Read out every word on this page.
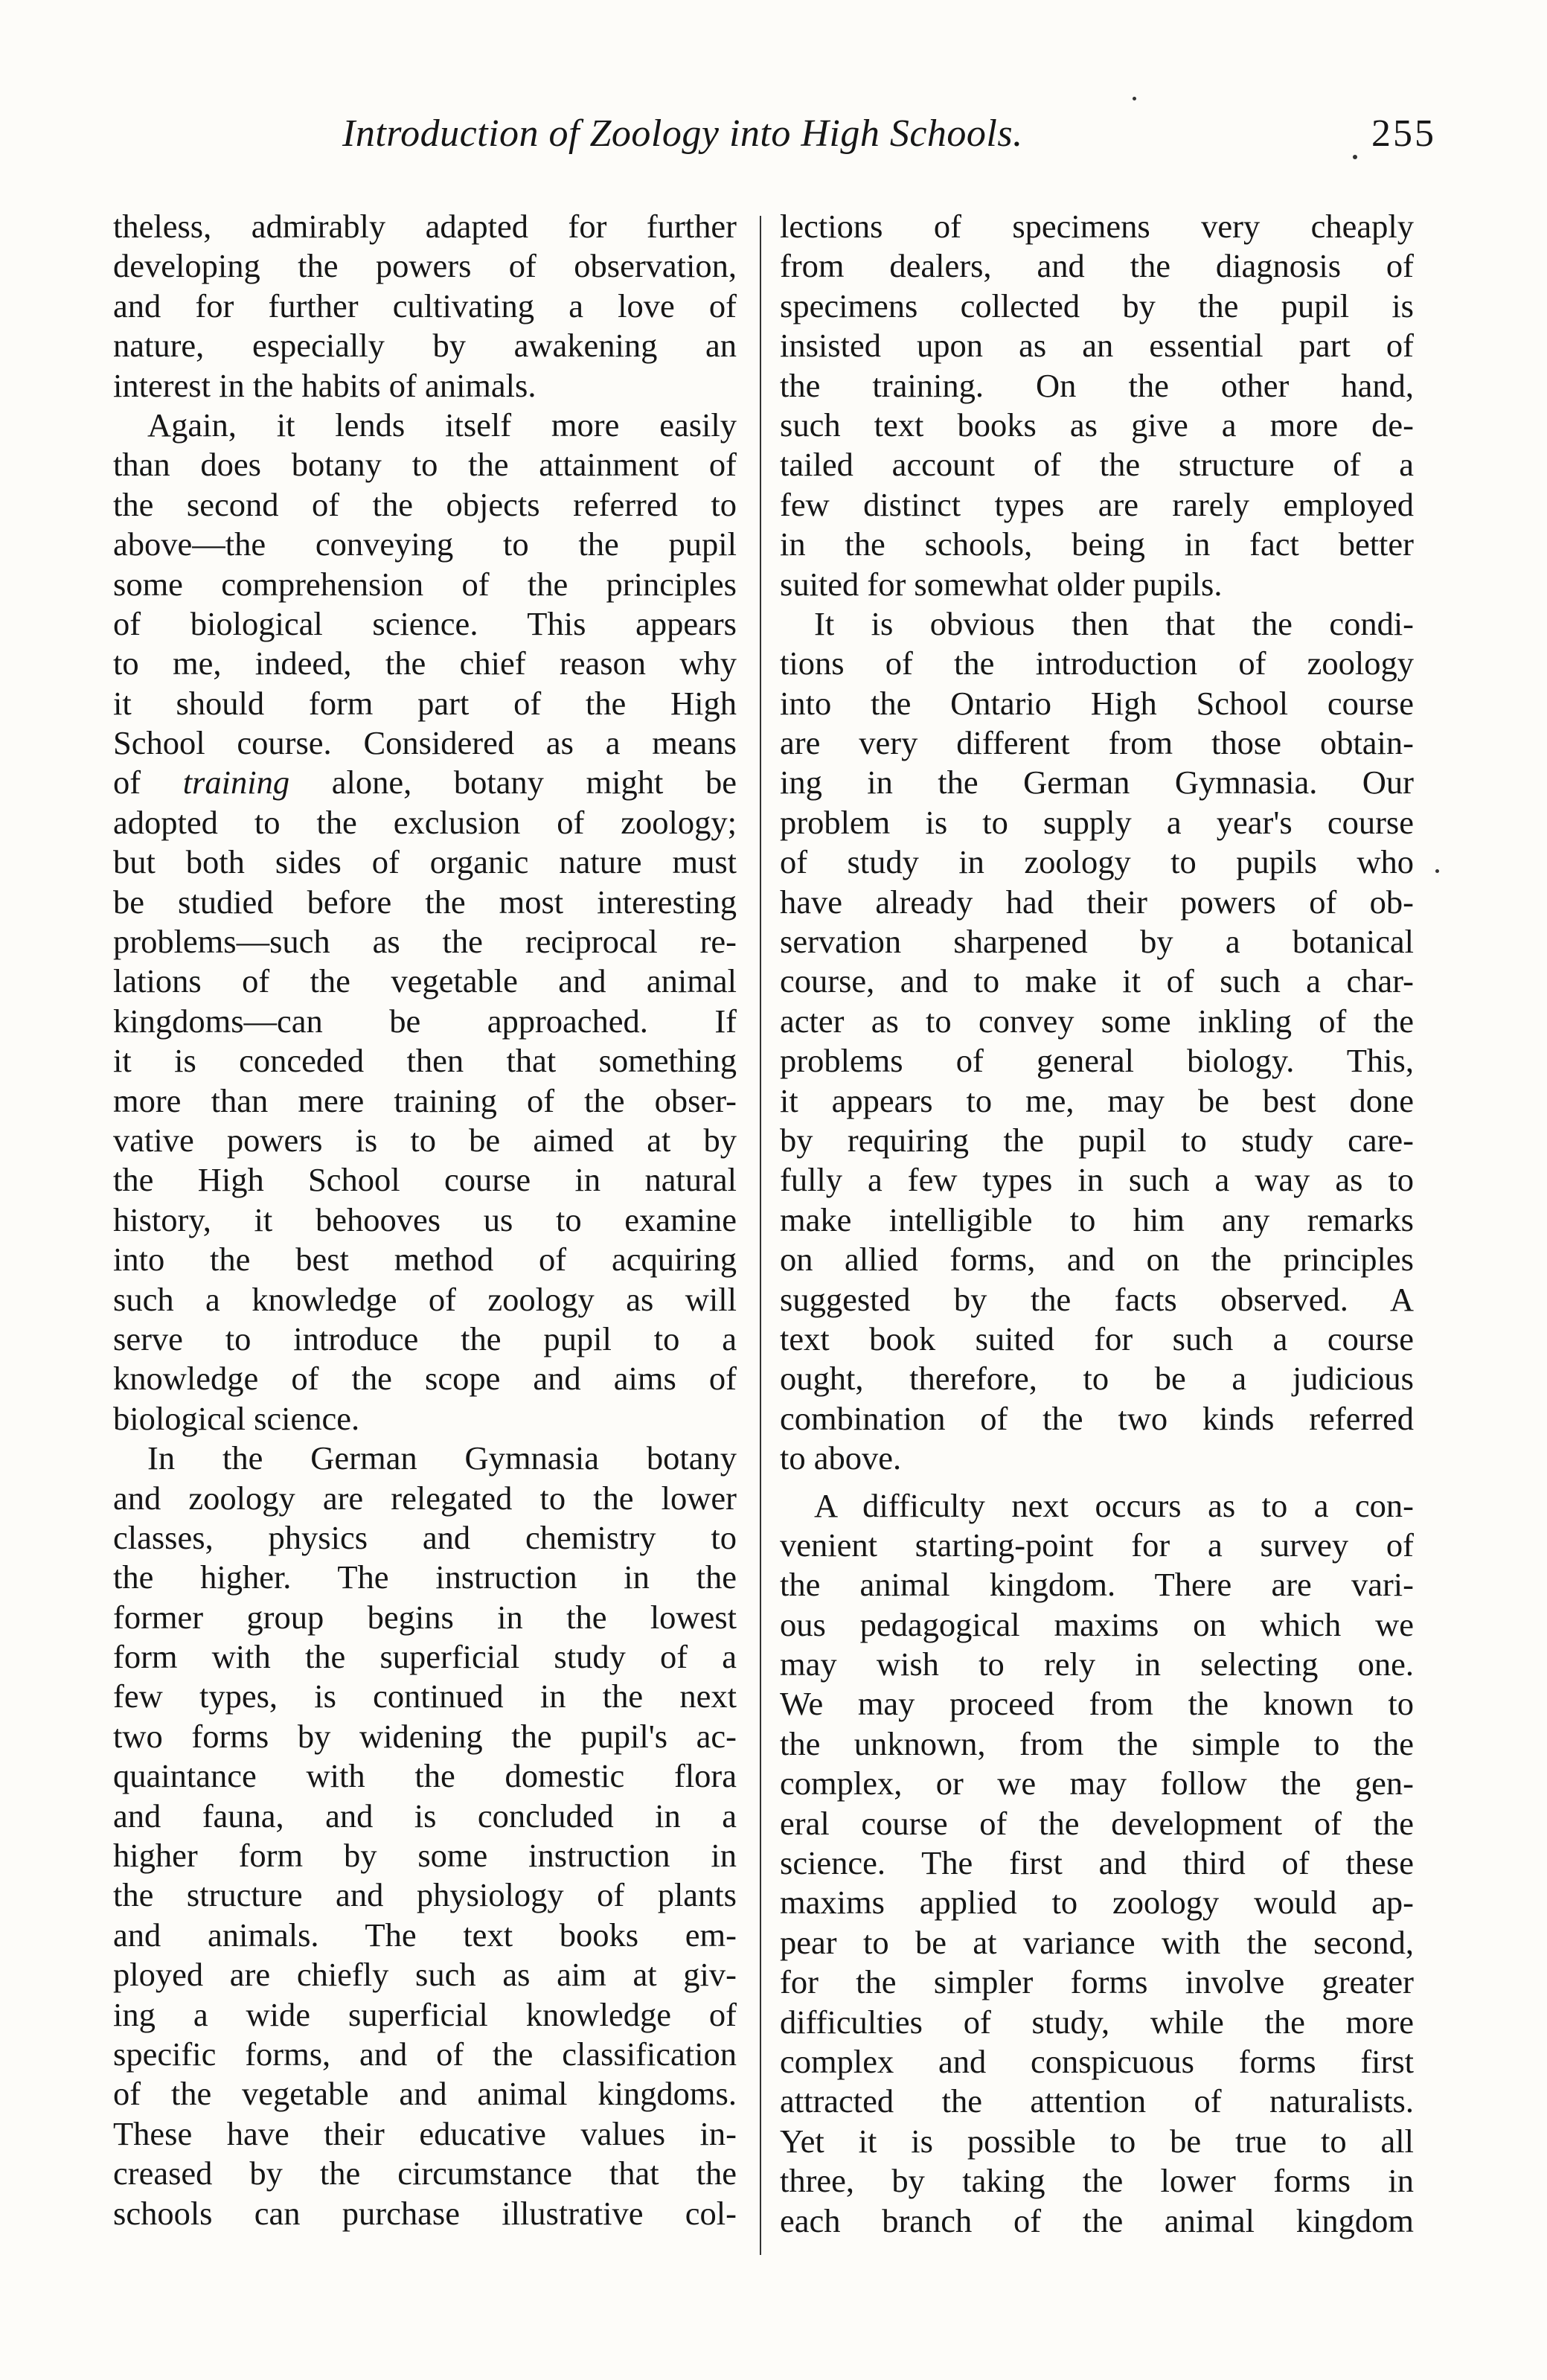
Introduction of Zoology into High Schools.	255
theless, admirably adapted for further
developing the powers of observation,
and for further cultivating a love of
nature, especially by awakening an
interest in the habits of animals.
Again, it lends itself more easily
than does botany to the attainment of
the second of the objects referred to
above—the conveying to the pupil
some comprehension of the principles
of biological science. This appears
to me, indeed, the chief reason why
it should form part of the High
School course. Considered as a means
of training alone, botany might be
adopted to the exclusion of zoology;
but both sides of organic nature must
be studied before the most interesting
problems—such as the reciprocal re-
lations of the vegetable and animal
kingdoms—can be approached. If
it is conceded then that something
more than mere training of the obser-
vative powers is to be aimed at by
the High School course in natural
history, it behooves us to examine
into the best method of acquiring
such a knowledge of zoology as will
serve to introduce the pupil to a
knowledge of the scope and aims of
biological science.
In the German Gymnasia botany
and zoology are relegated to the lower
classes, physics and chemistry to
the higher. The instruction in the
former group begins in the lowest
form with the superficial study of a
few types, is continued in the next
two forms by widening the pupil's ac-
quaintance with the domestic flora
and fauna, and is concluded in a
higher form by some instruction in
the structure and physiology of plants
and animals. The text books em-
ployed are chiefly such as aim at giv-
ing a wide superficial knowledge of
specific forms, and of the classification
of the vegetable and animal kingdoms.
These have their educative values in-
creased by the circumstance that the
schools can purchase illustrative col-
lections of specimens very cheaply
from dealers, and the diagnosis of
specimens collected by the pupil is
insisted upon as an essential part of
the training. On the other hand,
such text books as give a more de-
tailed account of the structure of a
few distinct types are rarely employed
in the schools, being in fact better
suited for somewhat older pupils.
It is obvious then that the condi-
tions of the introduction of zoology
into the Ontario High School course
are very different from those obtain-
ing in the German Gymnasia. Our
problem is to supply a year's course
of study in zoology to pupils who
have already had their powers of ob-
servation sharpened by a botanical
course, and to make it of such a char-
acter as to convey some inkling of the
problems of general biology. This,
it appears to me, may be best done
by requiring the pupil to study care-
fully a few types in such a way as to
make intelligible to him any remarks
on allied forms, and on the principles
suggested by the facts observed. A
text book suited for such a course
ought, therefore, to be a judicious
combination of the two kinds referred
to above.
A difficulty next occurs as to a con-
venient starting-point for a survey of
the animal kingdom. There are vari-
ous pedagogical maxims on which we
may wish to rely in selecting one.
We may proceed from the known to
the unknown, from the simple to the
complex, or we may follow the gen-
eral course of the development of the
science. The first and third of these
maxims applied to zoology would ap-
pear to be at variance with the second,
for the simpler forms involve greater
difficulties of study, while the more
complex and conspicuous forms first
attracted the attention of naturalists.
Yet it is possible to be true to all
three, by taking the lower forms in
each branch of the animal kingdom
